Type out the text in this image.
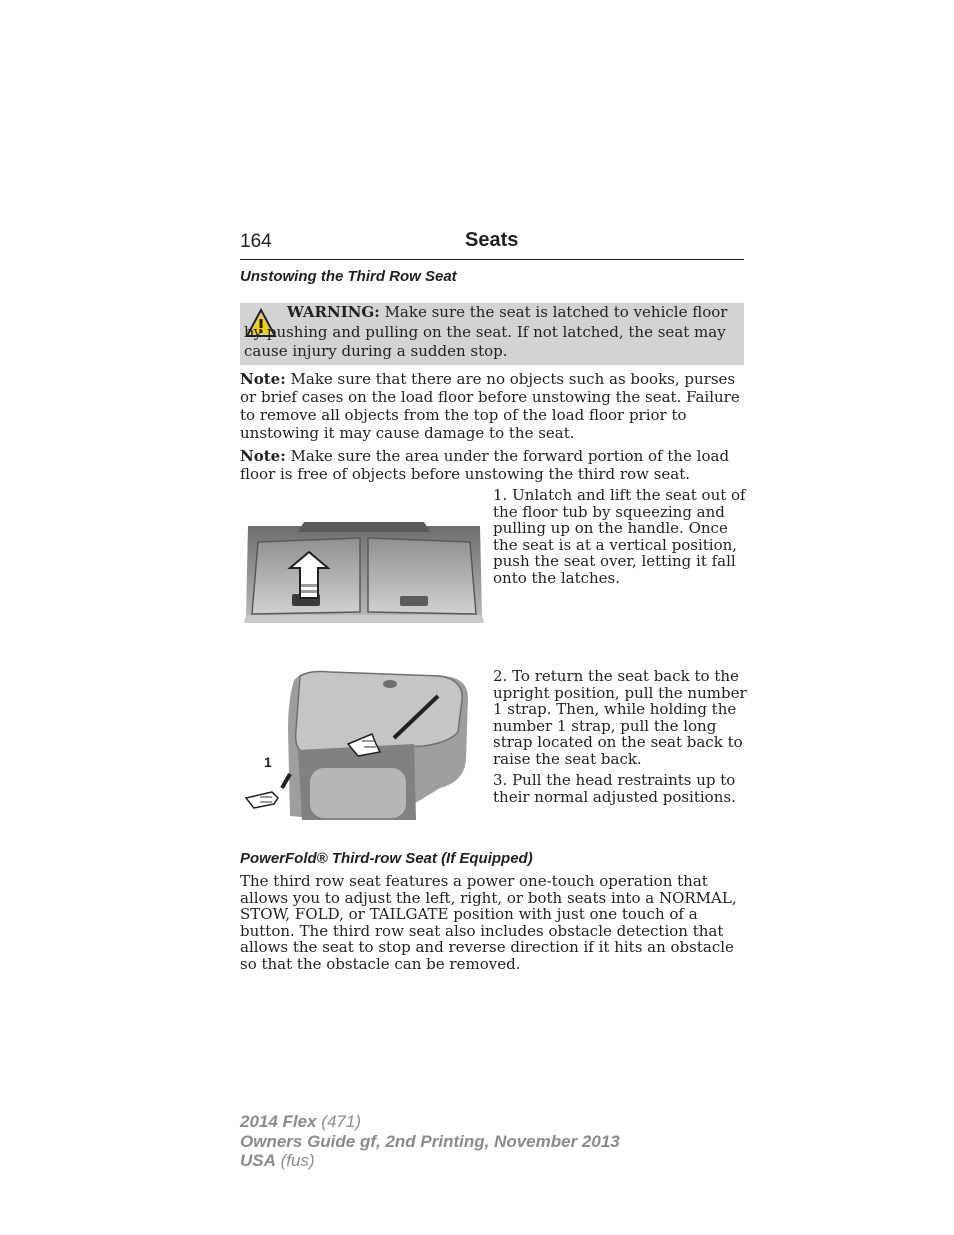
164	Seats
Unstowing the Third Row Seat
WARNING: Make sure the seat is latched to vehicle floor by pushing and pulling on the seat. If not latched, the seat may cause injury during a sudden stop.

Note: Make sure that there are no objects such as books, purses or brief cases on the load floor before unstowing the seat. Failure to remove all objects from the top of the load floor prior to unstowing it may cause damage to the seat.

Note: Make sure the area under the forward portion of the load floor is free of objects before unstowing the third row seat.

1. Unlatch and lift the seat out of the floor tub by squeezing and pulling up on the handle. Once the seat is at a vertical position, push the seat over, letting it fall onto the latches.

1

2. To return the seat back to the upright position, pull the number 1 strap. Then, while holding the number 1 strap, pull the long strap located on the seat back to raise the seat back.

3. Pull the head restraints up to their normal adjusted positions.

PowerFold® Third-row Seat (If Equipped)

The third row seat features a power one-touch operation that allows you to adjust the left, right, or both seats into a NORMAL, STOW, FOLD, or TAILGATE position with just one touch of a button. The third row seat also includes obstacle detection that allows the seat to stop and reverse direction if it hits an obstacle so that the obstacle can be removed.

2014 Flex (471)
Owners Guide gf, 2nd Printing, November 2013
USA (fus)
